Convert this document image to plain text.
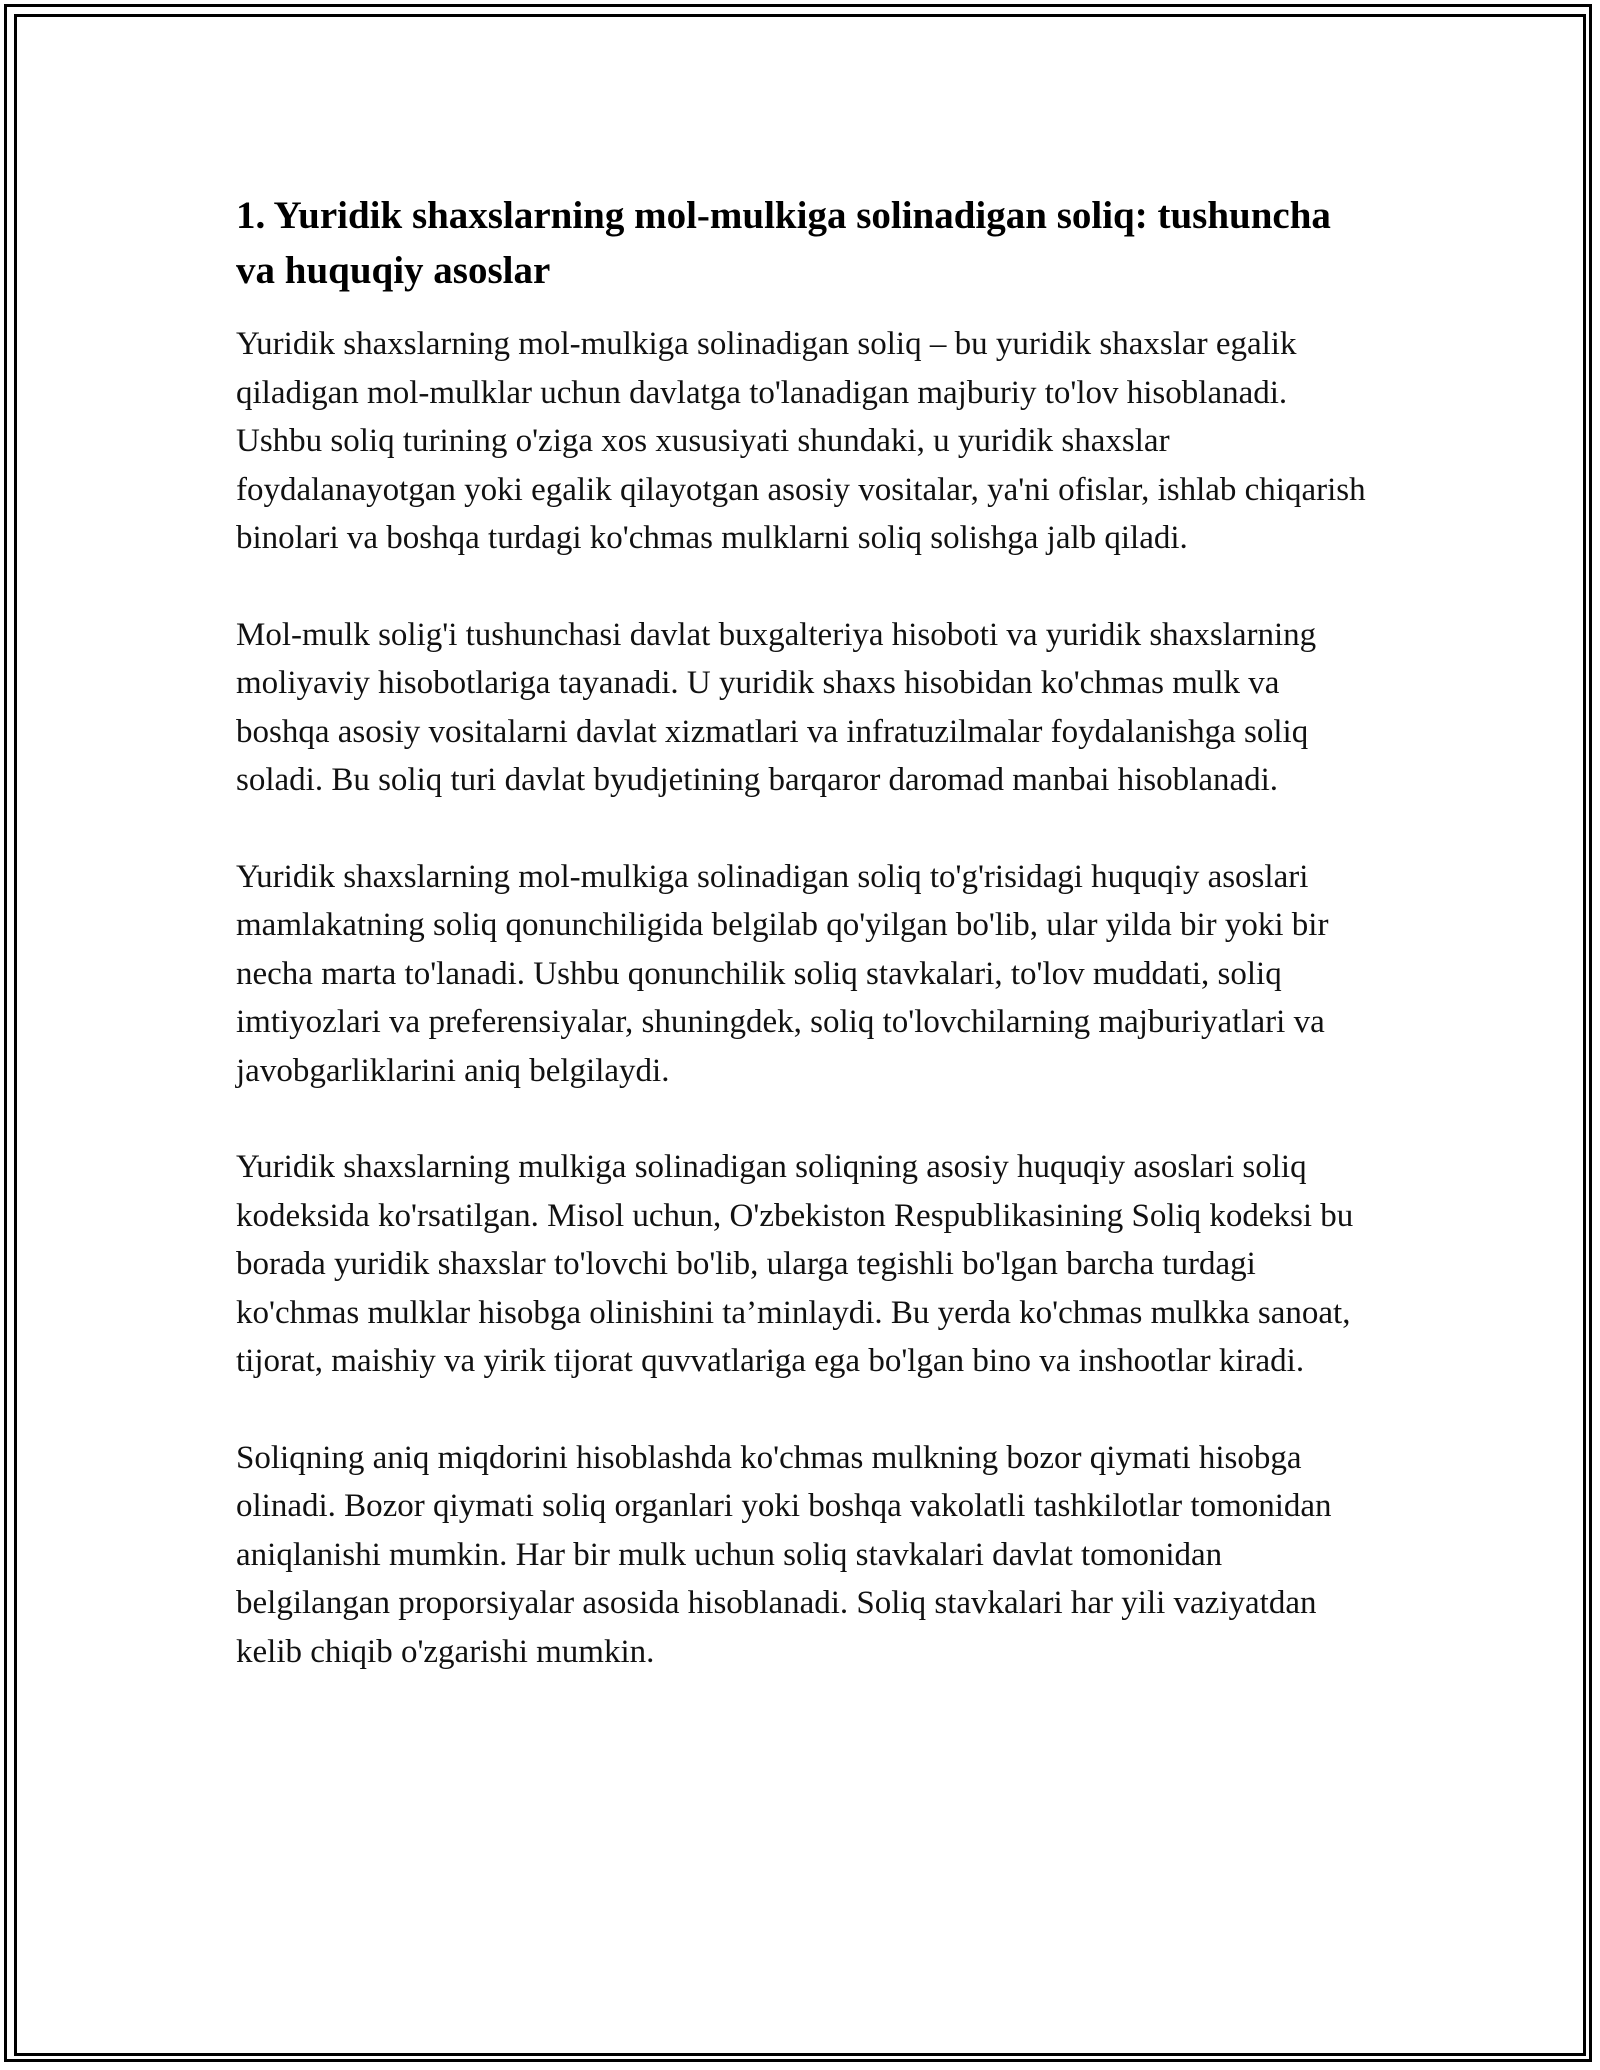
1. Yuridik shaxslarning mol-mulkiga solinadigan soliq: tushuncha va huquqiy asoslar

Yuridik shaxslarning mol-mulkiga solinadigan soliq – bu yuridik shaxslar egalik qiladigan mol-mulklar uchun davlatga to'lanadigan majburiy to'lov hisoblanadi. Ushbu soliq turining o'ziga xos xususiyati shundaki, u yuridik shaxslar foydalanayotgan yoki egalik qilayotgan asosiy vositalar, ya'ni ofislar, ishlab chiqarish binolari va boshqa turdagi ko'chmas mulklarni soliq solishga jalb qiladi.

Mol-mulk solig'i tushunchasi davlat buxgalteriya hisoboti va yuridik shaxslarning moliyaviy hisobotlariga tayanadi. U yuridik shaxs hisobidan ko'chmas mulk va boshqa asosiy vositalarni davlat xizmatlari va infratuzilmalar foydalanishga soliq soladi. Bu soliq turi davlat byudjetining barqaror daromad manbai hisoblanadi.

Yuridik shaxslarning mol-mulkiga solinadigan soliq to'g'risidagi huquqiy asoslari mamlakatning soliq qonunchiligida belgilab qo'yilgan bo'lib, ular yilda bir yoki bir necha marta to'lanadi. Ushbu qonunchilik soliq stavkalari, to'lov muddati, soliq imtiyozlari va preferensiyalar, shuningdek, soliq to'lovchilarning majburiyatlari va javobgarliklarini aniq belgilaydi.

Yuridik shaxslarning mulkiga solinadigan soliqning asosiy huquqiy asoslari soliq kodeksida ko'rsatilgan. Misol uchun, O'zbekiston Respublikasining Soliq kodeksi bu borada yuridik shaxslar to'lovchi bo'lib, ularga tegishli bo'lgan barcha turdagi ko'chmas mulklar hisobga olinishini ta’minlaydi. Bu yerda ko'chmas mulkka sanoat, tijorat, maishiy va yirik tijorat quvvatlariga ega bo'lgan bino va inshootlar kiradi.

Soliqning aniq miqdorini hisoblashda ko'chmas mulkning bozor qiymati hisobga olinadi. Bozor qiymati soliq organlari yoki boshqa vakolatli tashkilotlar tomonidan aniqlanishi mumkin. Har bir mulk uchun soliq stavkalari davlat tomonidan belgilangan proporsiyalar asosida hisoblanadi. Soliq stavkalari har yili vaziyatdan kelib chiqib o'zgarishi mumkin.
